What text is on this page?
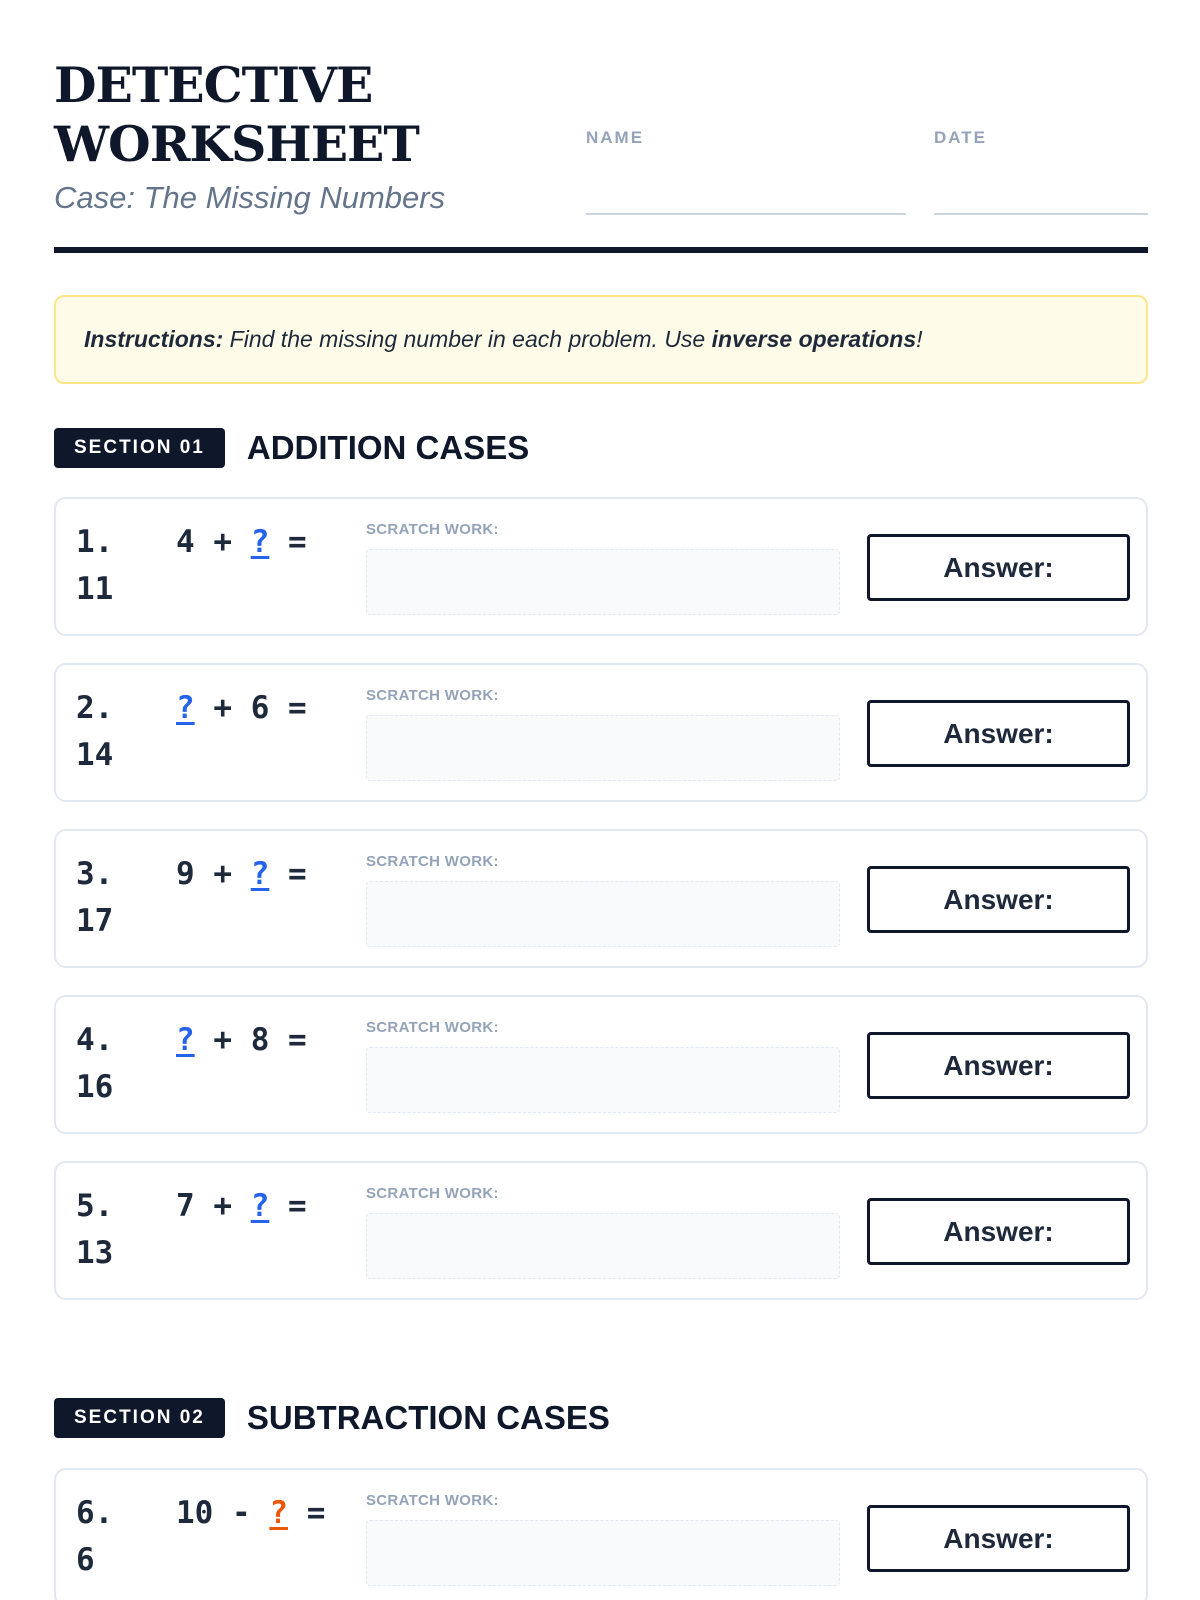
DETECTIVE WORKSHEET
Case: The Missing Numbers
NAME	DATE
Instructions: Find the missing number in each problem. Use inverse operations!
SECTION 01	ADDITION CASES
1. 4 + ? =
11
SCRATCH WORK:
Answer:
2. ? + 6 =
14
SCRATCH WORK:
Answer:
3. 9 + ? =
17
SCRATCH WORK:
Answer:
4. ? + 8 =
16
SCRATCH WORK:
Answer:
5. 7 + ? =
13
SCRATCH WORK:
Answer:
SECTION 02	SUBTRACTION CASES
6. 10 - ? =
6
SCRATCH WORK:
Answer:
